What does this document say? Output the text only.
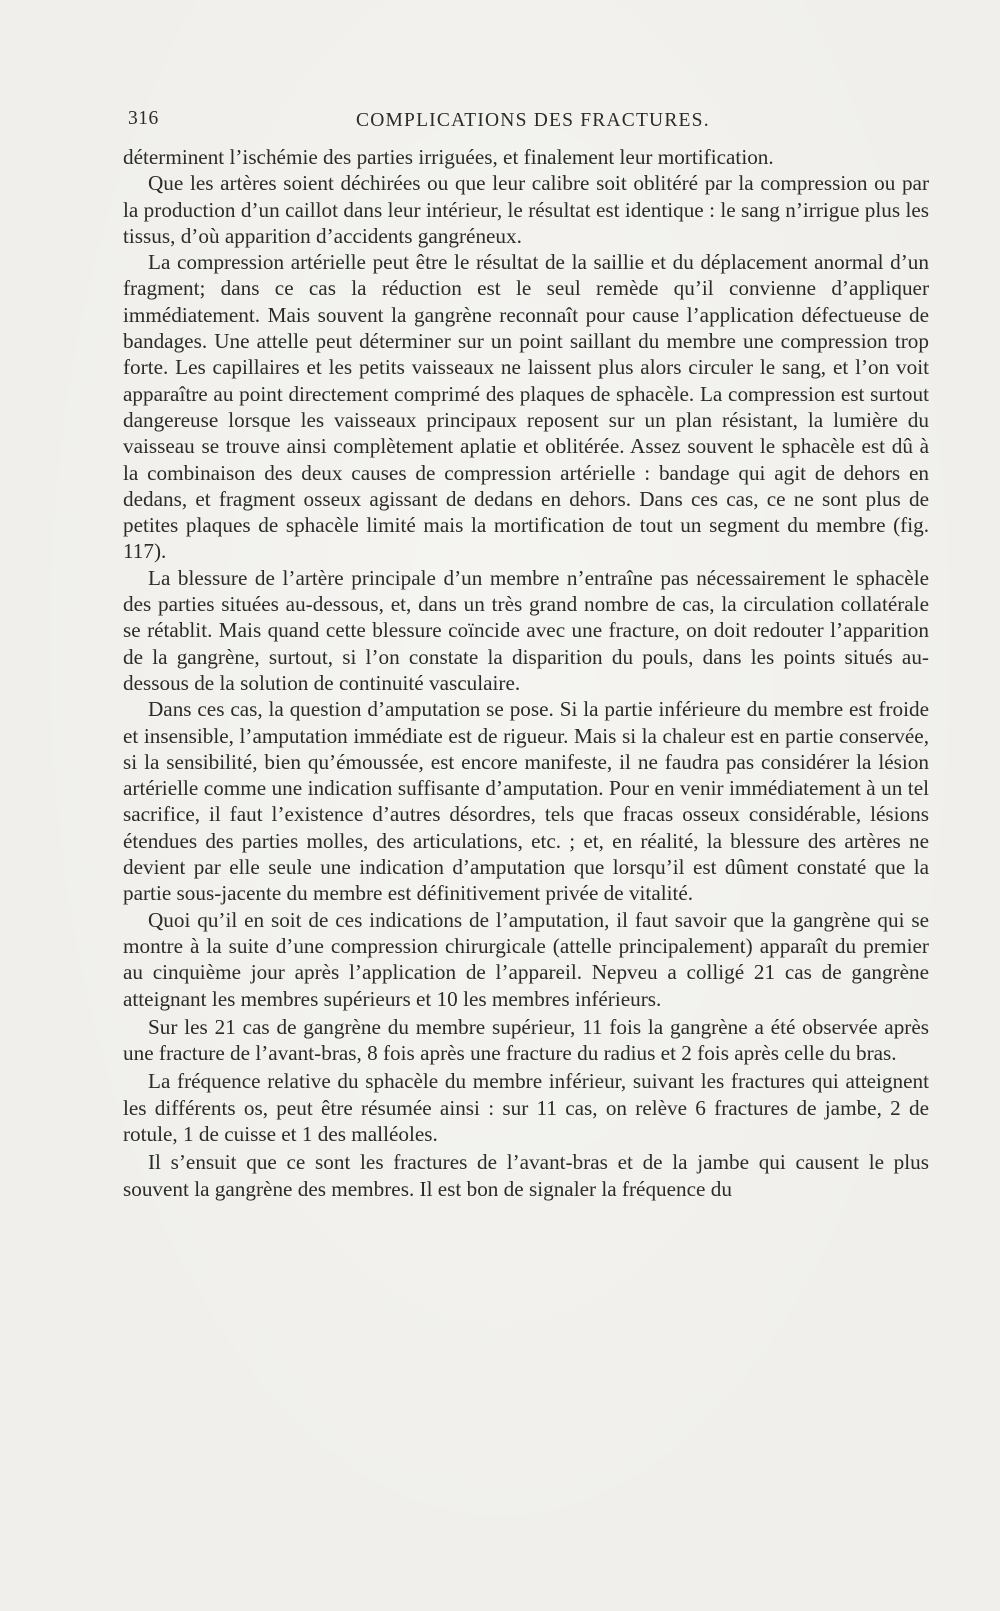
316	COMPLICATIONS DES FRACTURES.

déterminent l’ischémie des parties irriguées, et finalement leur mortification.

Que les artères soient déchirées ou que leur calibre soit oblitéré par la compression ou par la production d’un caillot dans leur intérieur, le résultat est identique : le sang n’irrigue plus les tissus, d’où apparition d’accidents gangréneux.

La compression artérielle peut être le résultat de la saillie et du déplacement anormal d’un fragment; dans ce cas la réduction est le seul remède qu’il convienne d’appliquer immédiatement. Mais souvent la gangrène reconnaît pour cause l’application défectueuse de bandages. Une attelle peut déterminer sur un point saillant du membre une compression trop forte. Les capillaires et les petits vaisseaux ne laissent plus alors circuler le sang, et l’on voit apparaître au point directement comprimé des plaques de sphacèle. La compression est surtout dangereuse lorsque les vaisseaux principaux reposent sur un plan résistant, la lumière du vaisseau se trouve ainsi complètement aplatie et oblitérée. Assez souvent le sphacèle est dû à la combinaison des deux causes de compression artérielle : bandage qui agit de dehors en dedans, et fragment osseux agissant de dedans en dehors. Dans ces cas, ce ne sont plus de petites plaques de sphacèle limité mais la mortification de tout un segment du membre (fig. 117).

La blessure de l’artère principale d’un membre n’entraîne pas nécessairement le sphacèle des parties situées au-dessous, et, dans un très grand nombre de cas, la circulation collatérale se rétablit. Mais quand cette blessure coïncide avec une fracture, on doit redouter l’apparition de la gangrène, surtout, si l’on constate la disparition du pouls, dans les points situés au-dessous de la solution de continuité vasculaire.

Dans ces cas, la question d’amputation se pose. Si la partie inférieure du membre est froide et insensible, l’amputation immédiate est de rigueur. Mais si la chaleur est en partie conservée, si la sensibilité, bien qu’émoussée, est encore manifeste, il ne faudra pas considérer la lésion artérielle comme une indication suffisante d’amputation. Pour en venir immédiatement à un tel sacrifice, il faut l’existence d’autres désordres, tels que fracas osseux considérable, lésions étendues des parties molles, des articulations, etc. ; et, en réalité, la blessure des artères ne devient par elle seule une indication d’amputation que lorsqu’il est dûment constaté que la partie sous-jacente du membre est définitivement privée de vitalité.

Quoi qu’il en soit de ces indications de l’amputation, il faut savoir que la gangrène qui se montre à la suite d’une compression chirurgicale (attelle principalement) apparaît du premier au cinquième jour après l’application de l’appareil. Nepveu a colligé 21 cas de gangrène atteignant les membres supérieurs et 10 les membres inférieurs.

Sur les 21 cas de gangrène du membre supérieur, 11 fois la gangrène a été observée après une fracture de l’avant-bras, 8 fois après une fracture du radius et 2 fois après celle du bras.

La fréquence relative du sphacèle du membre inférieur, suivant les fractures qui atteignent les différents os, peut être résumée ainsi : sur 11 cas, on relève 6 fractures de jambe, 2 de rotule, 1 de cuisse et 1 des malléoles.

Il s’ensuit que ce sont les fractures de l’avant-bras et de la jambe qui causent le plus souvent la gangrène des membres. Il est bon de signaler la fréquence du
